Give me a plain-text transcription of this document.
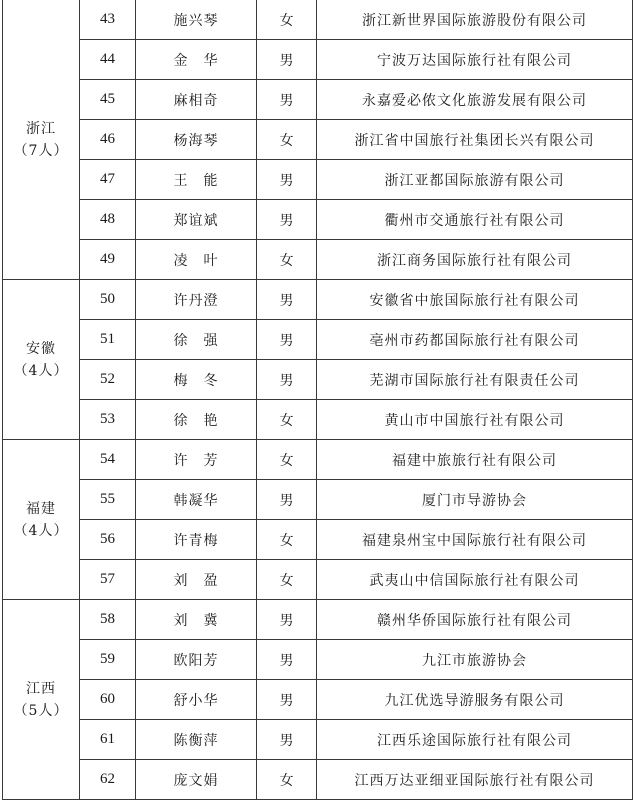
浙江
（7人）	43	施兴琴	女	浙江新世界国际旅游股份有限公司
	44	金　华	男	宁波万达国际旅行社有限公司
	45	麻相奇	男	永嘉爱必侬文化旅游发展有限公司
	46	杨海琴	女	浙江省中国旅行社集团长兴有限公司
	47	王　能	男	浙江亚都国际旅游有限公司
	48	郑谊斌	男	衢州市交通旅行社有限公司
	49	凌　叶	女	浙江商务国际旅行社有限公司

安徽
（4人）	50	许丹澄	男	安徽省中旅国际旅行社有限公司
	51	徐　强	男	亳州市药都国际旅行社有限公司
	52	梅　冬	男	芜湖市国际旅行社有限责任公司
	53	徐　艳	女	黄山市中国旅行社有限公司

福建
（4人）	54	许　芳	女	福建中旅旅行社有限公司
	55	韩凝华	男	厦门市导游协会
	56	许青梅	女	福建泉州宝中国际旅行社有限公司
	57	刘　盈	女	武夷山中信国际旅行社有限公司

江西
（5人）	58	刘　冀	男	赣州华侨国际旅行社有限公司
	59	欧阳芳	男	九江市旅游协会
	60	舒小华	男	九江优选导游服务有限公司
	61	陈衡萍	男	江西乐途国际旅行社有限公司
	62	庞文娟	女	江西万达亚细亚国际旅行社有限公司
